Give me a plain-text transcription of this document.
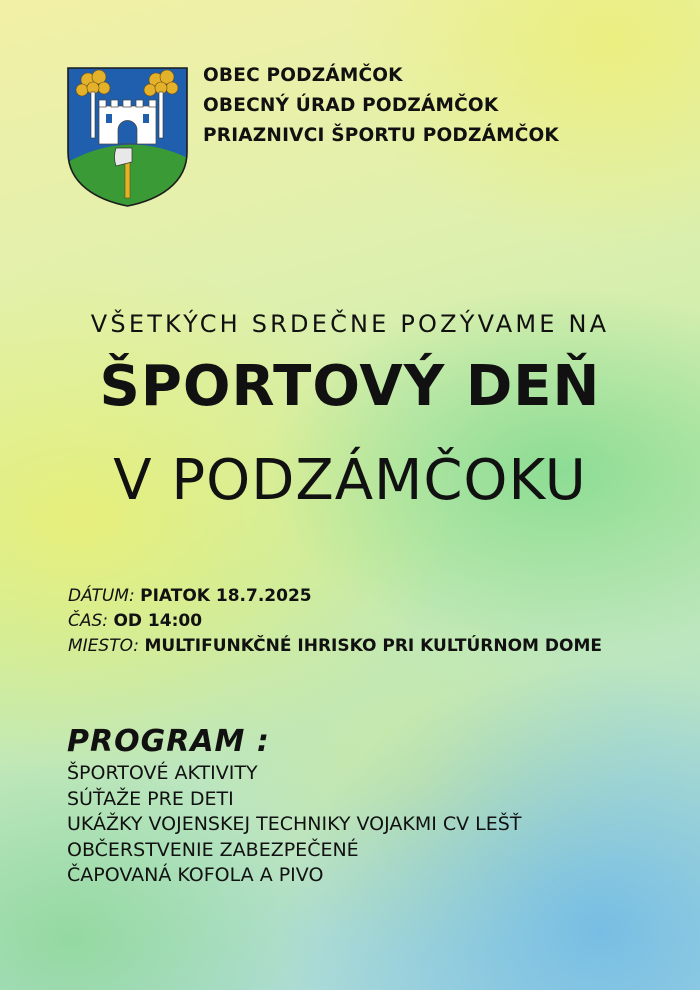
OBEC PODZÁMČOK
OBECNÝ ÚRAD PODZÁMČOK
PRIAZNIVCI ŠPORTU PODZÁMČOK
VŠETKÝCH SRDEČNE POZÝVAME NA
ŠPORTOVÝ DEŇ
V PODZÁMČOKU
DÁTUM: PIATOK 18.7.2025
ČAS: OD 14:00
MIESTO: MULTIFUNKČNÉ IHRISKO PRI KULTÚRNOM DOME
PROGRAM :
ŠPORTOVÉ AKTIVITY
SÚŤAŽE PRE DETI
UKÁŽKY VOJENSKEJ TECHNIKY VOJAKMI CV LEŠŤ
OBČERSTVENIE ZABEZPEČENÉ
ČAPOVANÁ KOFOLA A PIVO
